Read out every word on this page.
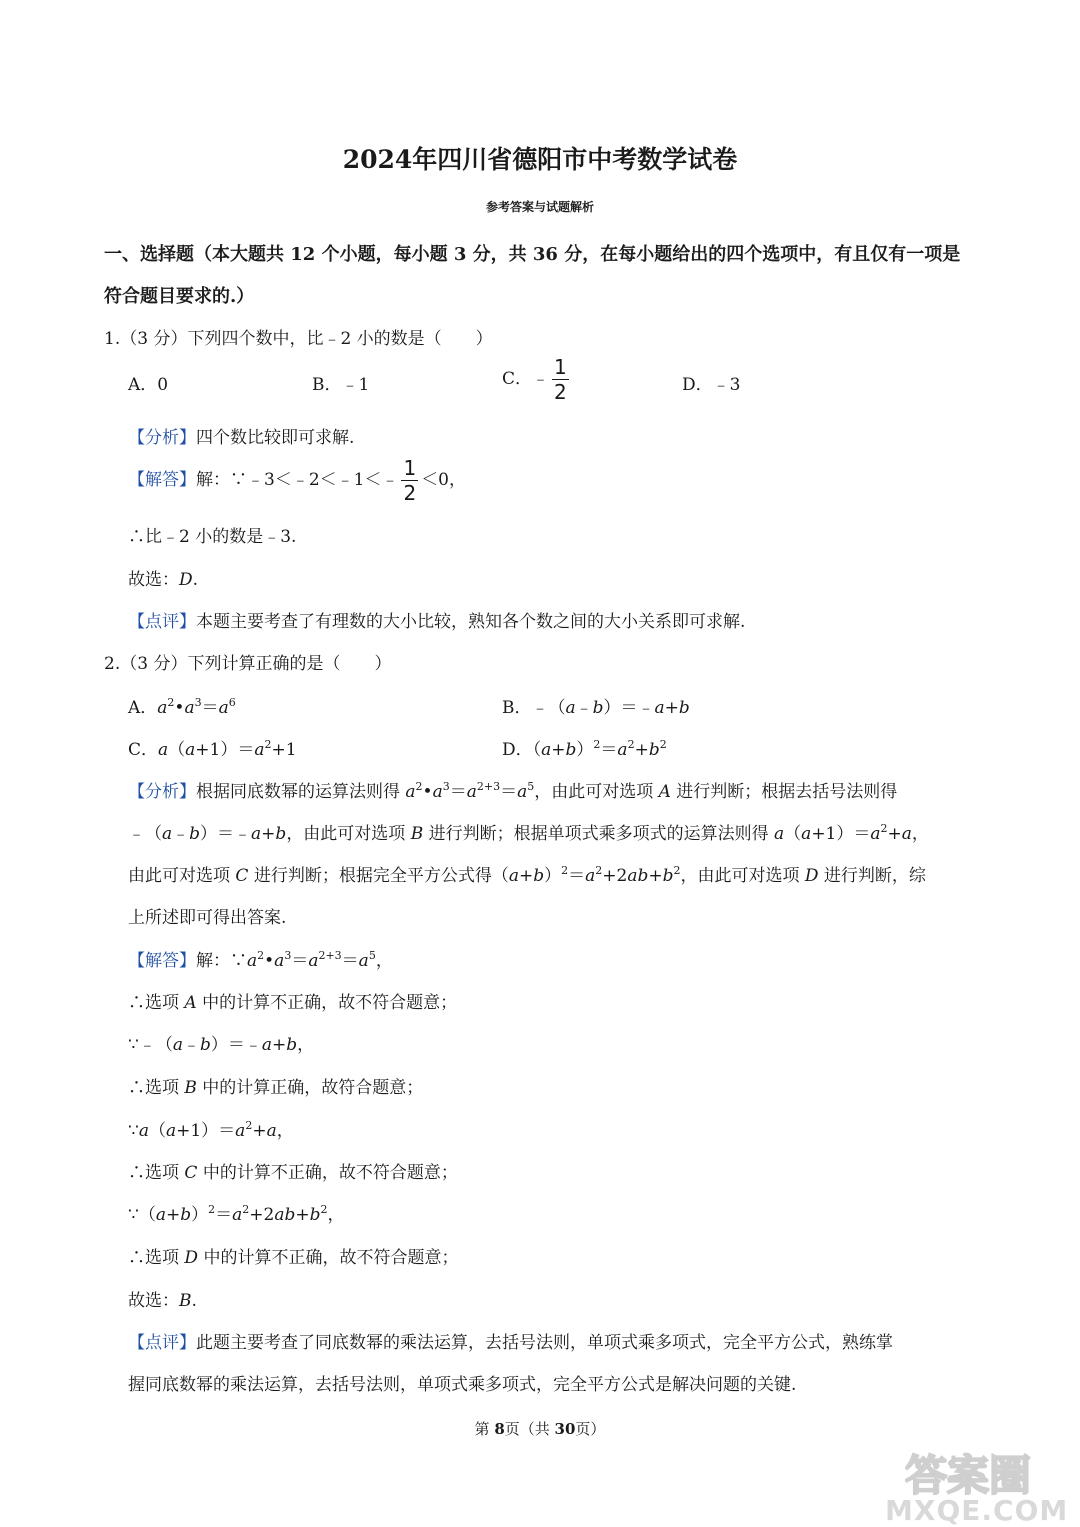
2024年四川省德阳市中考数学试卷
参考答案与试题解析
一、选择题（本大题共 12 个小题，每小题 3 分，共 36 分，在每小题给出的四个选项中，有且仅有一项是
符合题目要求的.）
1.（3 分）下列四个数中，比﹣2 小的数是（　　）
A．0	B．﹣1	C．﹣ $\frac{1}{2}$	D．﹣3
【分析】四个数比较即可求解.
【解答】解：∵﹣3＜﹣2＜﹣1＜﹣ $\frac{1}{2} <0$，
∴比﹣2 小的数是﹣3.
故选：D.
【点评】本题主要考查了有理数的大小比较，熟知各个数之间的大小关系即可求解.
2.（3 分）下列计算正确的是（　　）
A．$a^2•a^3=a^6$	B．﹣（a﹣b）＝﹣a+b
C．$a(a+1)=a^2+1$	D．$(a+b)^2=a^2+b^2$
【分析】根据同底数幂的运算法则得 $a^2•a^3=a^{2+3}=a^5$，由此可对选项 A 进行判断；根据去括号法则得
﹣（a﹣b）＝﹣a+b，由此可对选项 B 进行判断；根据单项式乘多项式的运算法则得 $a(a+1)=a^2+a$，
由此可对选项 C 进行判断；根据完全平方公式得$(a+b)^2=a^2+2ab+b^2$，由此可对选项 D 进行判断，综
上所述即可得出答案.
【解答】解：$\because a^2•a^3=a^{2+3}=a^5$，
∴选项 A 中的计算不正确，故不符合题意；
∵﹣（a﹣b）＝﹣a+b，
∴选项 B 中的计算正确，故符合题意；
$\because a(a+1)=a^2+a$，
∴选项 C 中的计算不正确，故不符合题意；
$\because(a+b)^2=a^2+2ab+b^2$，
∴选项 D 中的计算不正确，故不符合题意；
故选：B.
【点评】此题主要考查了同底数幂的乘法运算，去括号法则，单项式乘多项式，完全平方公式，熟练掌
握同底数幂的乘法运算，去括号法则，单项式乘多项式，完全平方公式是解决问题的关键.
第 8页（共 30页）
答案圈
MXQE.COM
